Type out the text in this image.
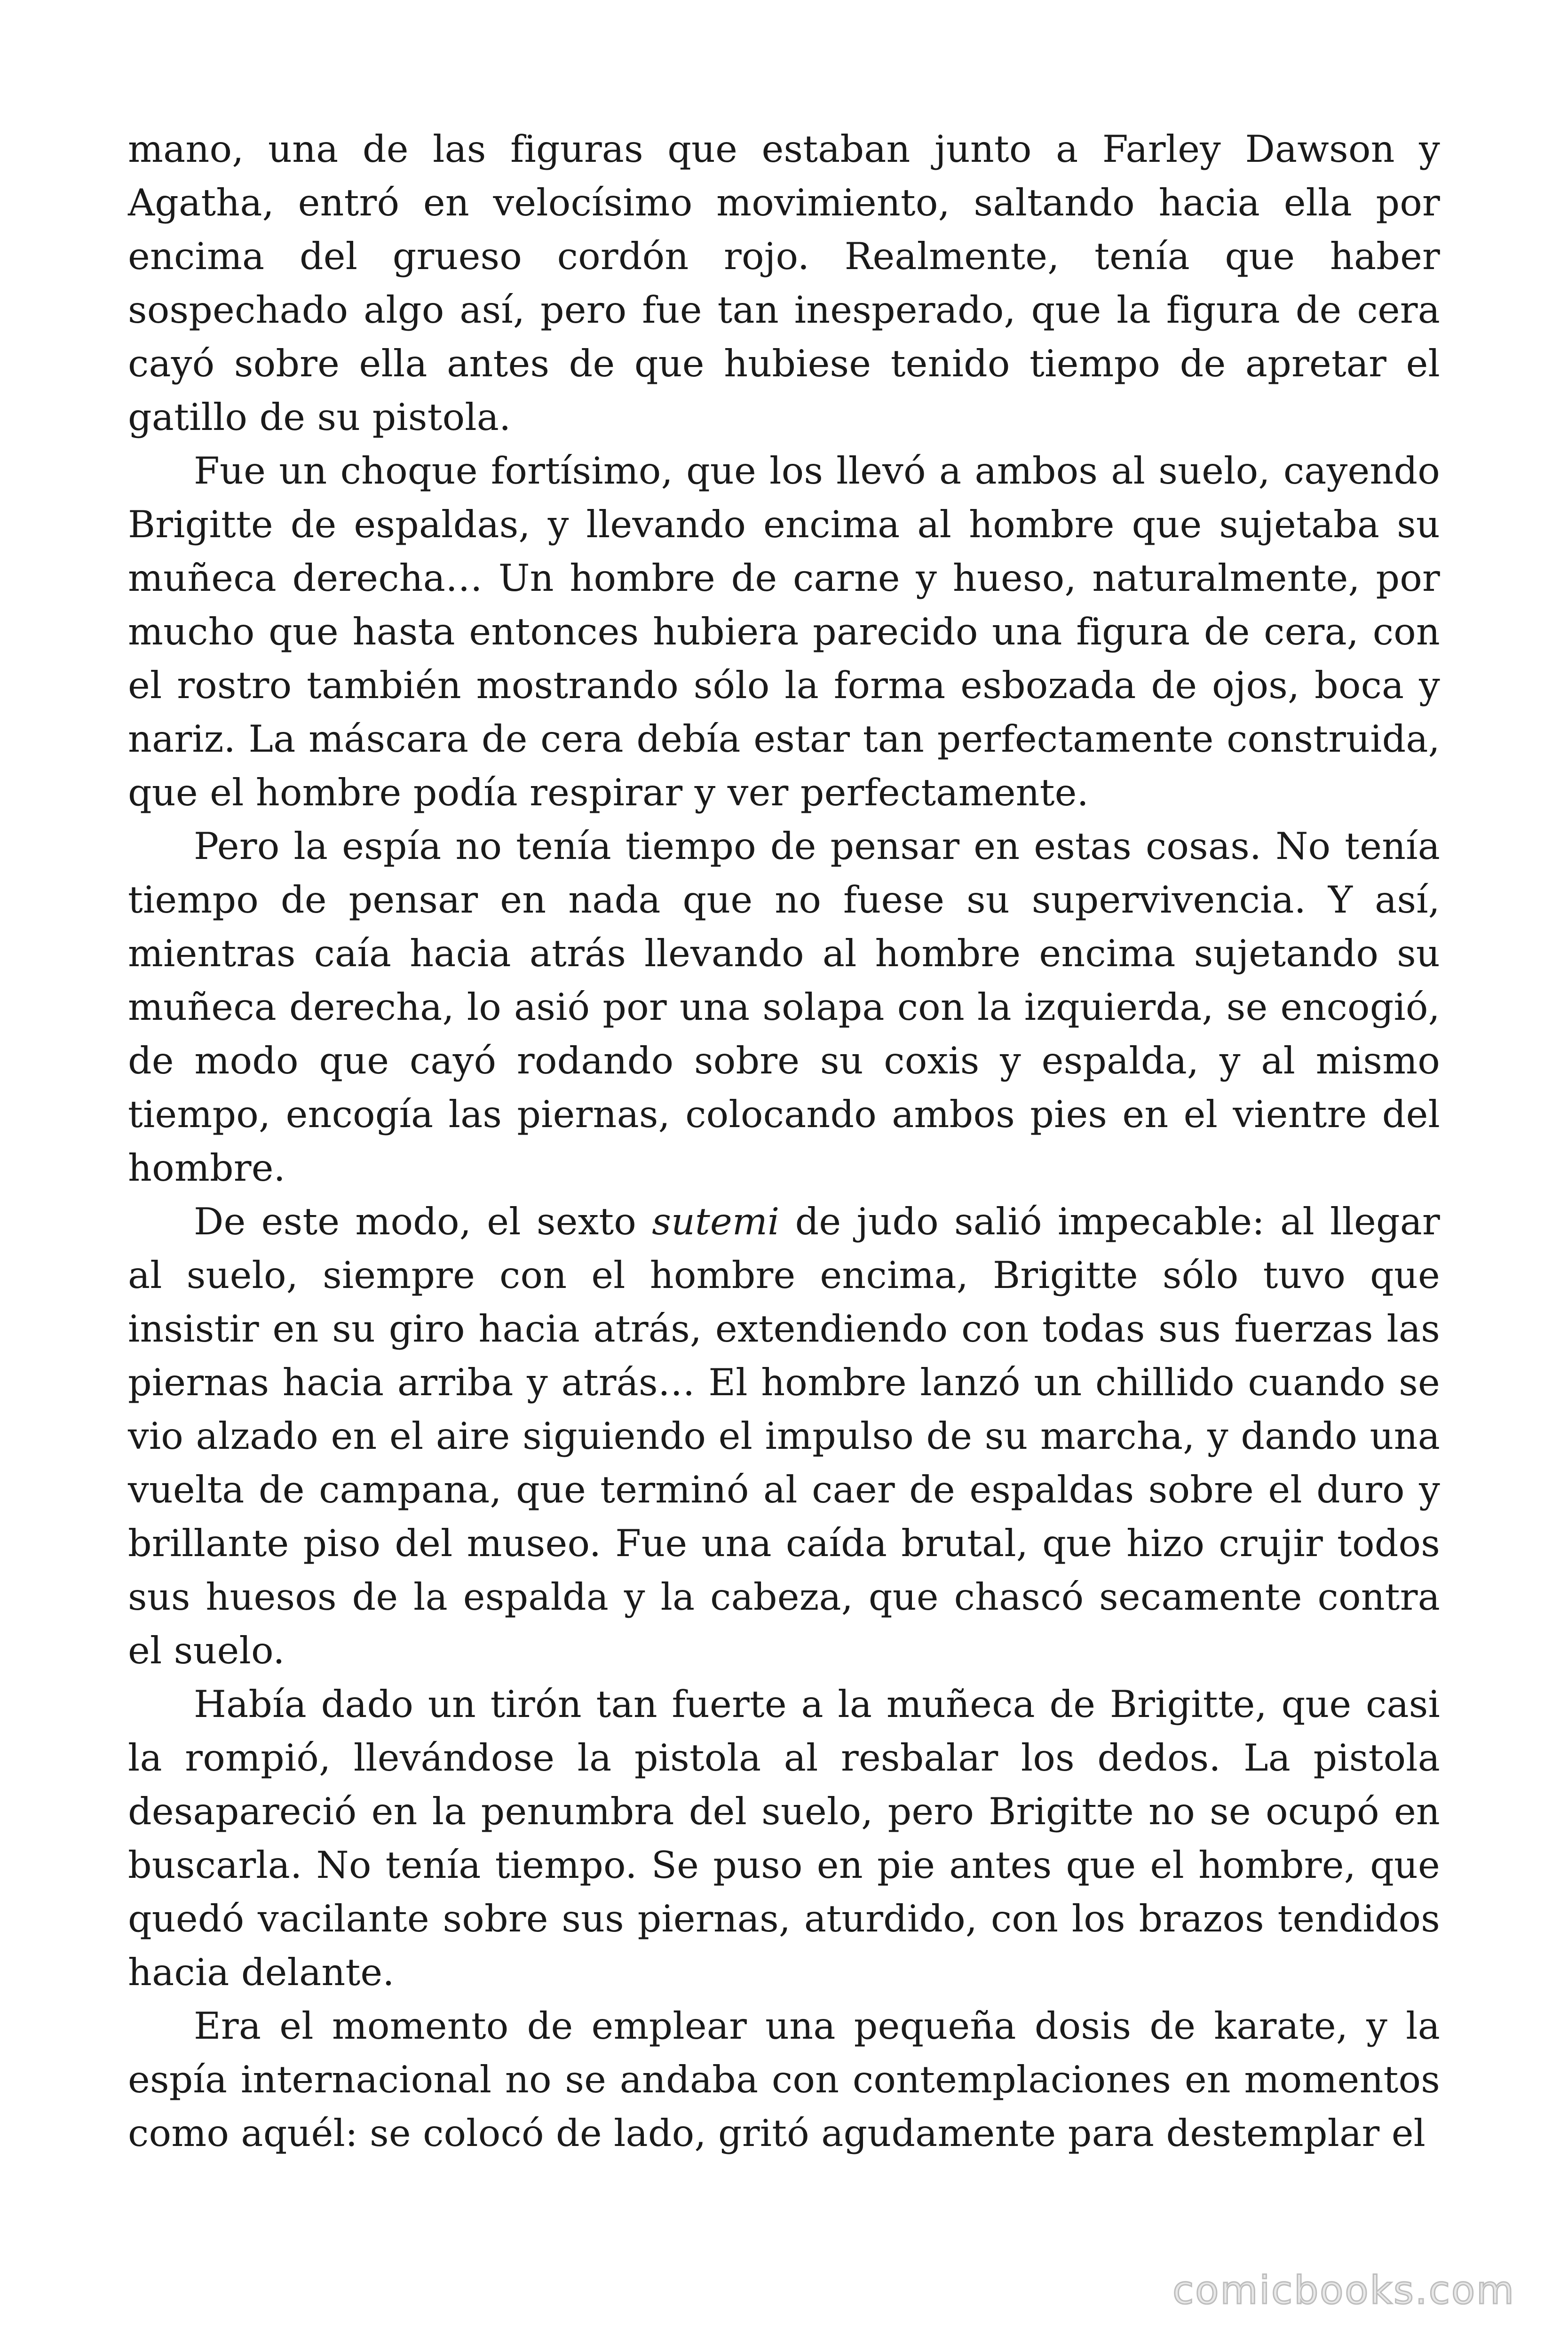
mano, una de las figuras que estaban junto a Farley Dawson y Agatha, entró en velocísimo movimiento, saltando hacia ella por encima del grueso cordón rojo. Realmente, tenía que haber sospechado algo así, pero fue tan inesperado, que la figura de cera cayó sobre ella antes de que hubiese tenido tiempo de apretar el gatillo de su pistola.

Fue un choque fortísimo, que los llevó a ambos al suelo, cayendo Brigitte de espaldas, y llevando encima al hombre que sujetaba su muñeca derecha… Un hombre de carne y hueso, naturalmente, por mucho que hasta entonces hubiera parecido una figura de cera, con el rostro también mostrando sólo la forma esbozada de ojos, boca y nariz. La máscara de cera debía estar tan perfectamente construida, que el hombre podía respirar y ver perfectamente.

Pero la espía no tenía tiempo de pensar en estas cosas. No tenía tiempo de pensar en nada que no fuese su supervivencia. Y así, mientras caía hacia atrás llevando al hombre encima sujetando su muñeca derecha, lo asió por una solapa con la izquierda, se encogió, de modo que cayó rodando sobre su coxis y espalda, y al mismo tiempo, encogía las piernas, colocando ambos pies en el vientre del hombre.

De este modo, el sexto sutemi de judo salió impecable: al llegar al suelo, siempre con el hombre encima, Brigitte sólo tuvo que insistir en su giro hacia atrás, extendiendo con todas sus fuerzas las piernas hacia arriba y atrás… El hombre lanzó un chillido cuando se vio alzado en el aire siguiendo el impulso de su marcha, y dando una vuelta de campana, que terminó al caer de espaldas sobre el duro y brillante piso del museo. Fue una caída brutal, que hizo crujir todos sus huesos de la espalda y la cabeza, que chascó secamente contra el suelo.

Había dado un tirón tan fuerte a la muñeca de Brigitte, que casi la rompió, llevándose la pistola al resbalar los dedos. La pistola desapareció en la penumbra del suelo, pero Brigitte no se ocupó en buscarla. No tenía tiempo. Se puso en pie antes que el hombre, que quedó vacilante sobre sus piernas, aturdido, con los brazos tendidos hacia delante.

Era el momento de emplear una pequeña dosis de karate, y la espía internacional no se andaba con contemplaciones en momentos como aquél: se colocó de lado, gritó agudamente para destemplar el

comicbooks.com
